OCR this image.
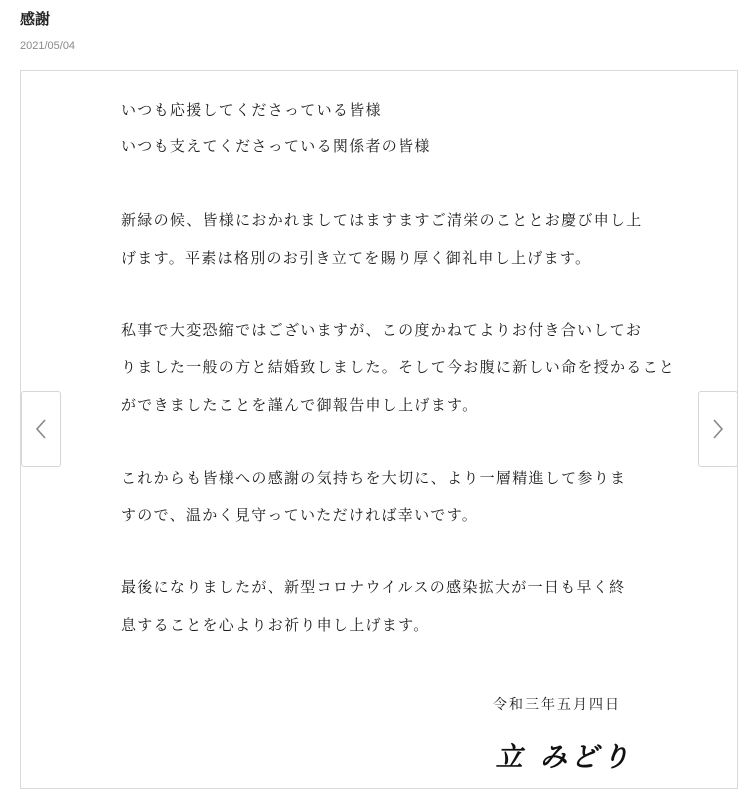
感謝
2021/05/04
いつも応援してくださっている皆様
いつも支えてくださっている関係者の皆様
新緑の候、皆様におかれましてはますますご清栄のこととお慶び申し上
げます。平素は格別のお引き立てを賜り厚く御礼申し上げます。
私事で大変恐縮ではございますが、この度かねてよりお付き合いしてお
りました一般の方と結婚致しました。そして今お腹に新しい命を授かること
ができましたことを謹んで御報告申し上げます。
これからも皆様への感謝の気持ちを大切に、より一層精進して参りま
すので、温かく見守っていただければ幸いです。
最後になりましたが、新型コロナウイルスの感染拡大が一日も早く終
息することを心よりお祈り申し上げます。
令和三年五月四日
立 みどり
